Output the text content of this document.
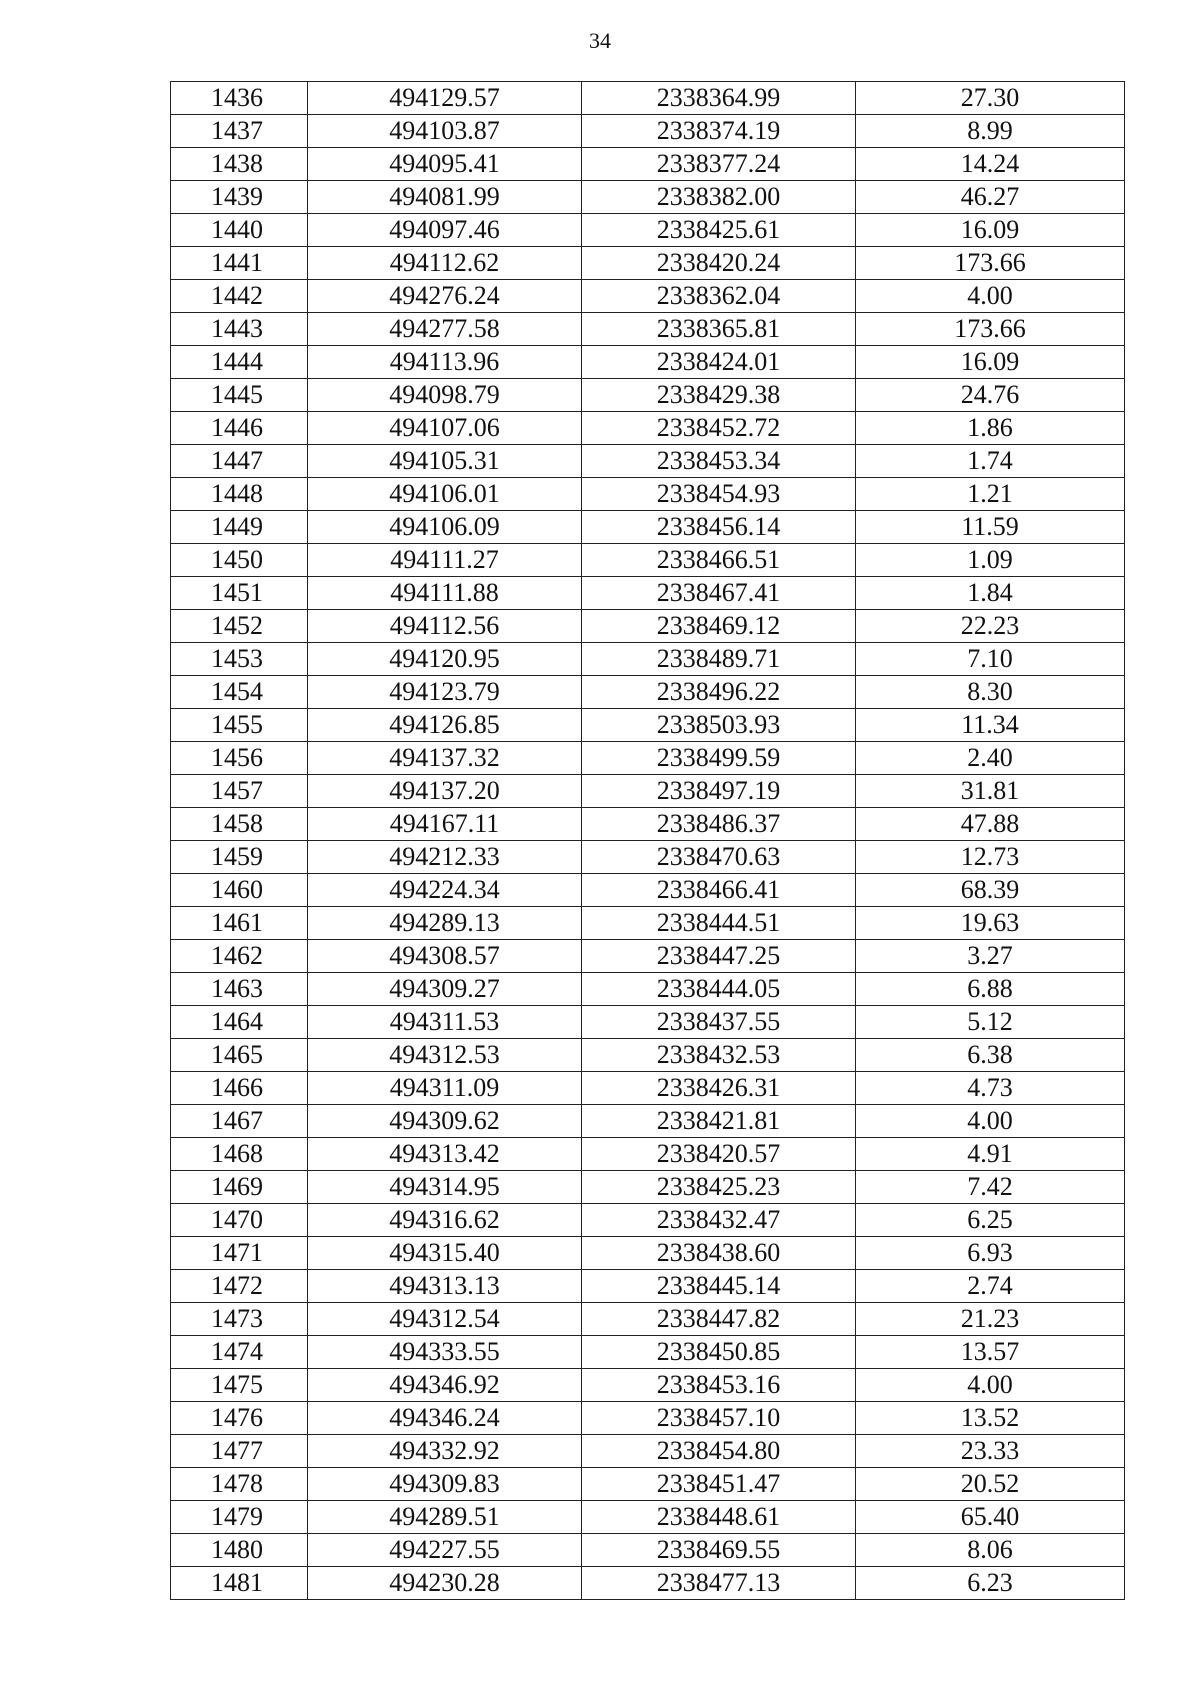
34
1436	494129.57	2338364.99	27.30
1437	494103.87	2338374.19	8.99
1438	494095.41	2338377.24	14.24
1439	494081.99	2338382.00	46.27
1440	494097.46	2338425.61	16.09
1441	494112.62	2338420.24	173.66
1442	494276.24	2338362.04	4.00
1443	494277.58	2338365.81	173.66
1444	494113.96	2338424.01	16.09
1445	494098.79	2338429.38	24.76
1446	494107.06	2338452.72	1.86
1447	494105.31	2338453.34	1.74
1448	494106.01	2338454.93	1.21
1449	494106.09	2338456.14	11.59
1450	494111.27	2338466.51	1.09
1451	494111.88	2338467.41	1.84
1452	494112.56	2338469.12	22.23
1453	494120.95	2338489.71	7.10
1454	494123.79	2338496.22	8.30
1455	494126.85	2338503.93	11.34
1456	494137.32	2338499.59	2.40
1457	494137.20	2338497.19	31.81
1458	494167.11	2338486.37	47.88
1459	494212.33	2338470.63	12.73
1460	494224.34	2338466.41	68.39
1461	494289.13	2338444.51	19.63
1462	494308.57	2338447.25	3.27
1463	494309.27	2338444.05	6.88
1464	494311.53	2338437.55	5.12
1465	494312.53	2338432.53	6.38
1466	494311.09	2338426.31	4.73
1467	494309.62	2338421.81	4.00
1468	494313.42	2338420.57	4.91
1469	494314.95	2338425.23	7.42
1470	494316.62	2338432.47	6.25
1471	494315.40	2338438.60	6.93
1472	494313.13	2338445.14	2.74
1473	494312.54	2338447.82	21.23
1474	494333.55	2338450.85	13.57
1475	494346.92	2338453.16	4.00
1476	494346.24	2338457.10	13.52
1477	494332.92	2338454.80	23.33
1478	494309.83	2338451.47	20.52
1479	494289.51	2338448.61	65.40
1480	494227.55	2338469.55	8.06
1481	494230.28	2338477.13	6.23
